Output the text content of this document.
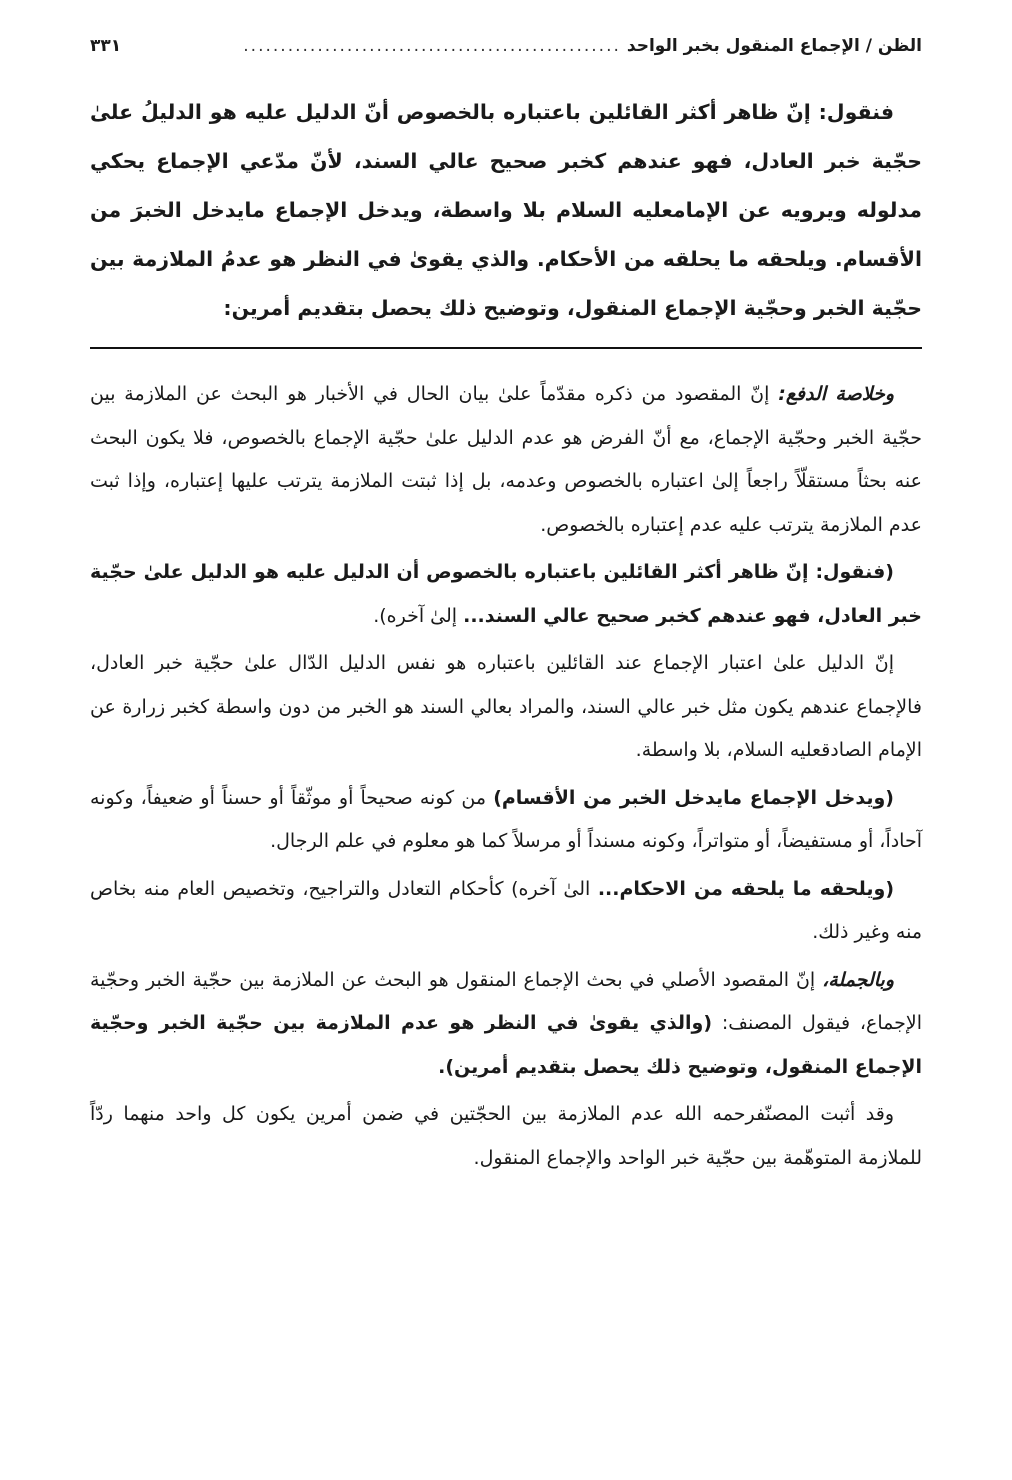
الظن / الإجماع المنقول بخبر الواحد
...................................................
٣٣١

فنقول: إنّ ظاهر أكثر القائلين باعتباره بالخصوص أنّ الدليل عليه هو الدليلُ علىٰ حجّية خبر العادل، فهو عندهم كخبر صحيح عالي السند، لأنّ مدّعي الإجماع يحكي مدلوله ويرويه عن الإمامعليه السلام بلا واسطة، ويدخل الإجماع مايدخل الخبرَ من الأقسام. ويلحقه ما يحلقه من الأحكام. والذي يقوىٰ في النظر هو عدمُ الملازمة بين حجّية الخبر وحجّية الإجماع المنقول، وتوضيح ذلك يحصل بتقديم أمرين:

وخلاصة الدفع: إنّ المقصود من ذكره مقدّماً علىٰ بيان الحال في الأخبار هو البحث عن الملازمة بين حجّية الخبر وحجّية الإجماع، مع أنّ الفرض هو عدم الدليل علىٰ حجّية الإجماع بالخصوص، فلا يكون البحث عنه بحثاً مستقلّاً راجعاً إلىٰ اعتباره بالخصوص وعدمه، بل إذا ثبتت الملازمة يترتب عليها إعتباره، وإذا ثبت عدم الملازمة يترتب عليه عدم إعتباره بالخصوص.

(فنقول: إنّ ظاهر أكثر القائلين باعتباره بالخصوص أن الدليل عليه هو الدليل علىٰ حجّية خبر العادل، فهو عندهم كخبر صحيح عالي السند... إلىٰ آخره).

إنّ الدليل علىٰ اعتبار الإجماع عند القائلين باعتباره هو نفس الدليل الدّال علىٰ حجّية خبر العادل، فالإجماع عندهم يكون مثل خبر عالي السند، والمراد بعالي السند هو الخبر من دون واسطة كخبر زرارة عن الإمام الصادقعليه السلام، بلا واسطة.

(ويدخل الإجماع مايدخل الخبر من الأقسام) من كونه صحيحاً أو موثّقاً أو حسناً أو ضعيفاً، وكونه آحاداً، أو مستفيضاً، أو متواتراً، وكونه مسنداً أو مرسلاً كما هو معلوم في علم الرجال.

(ويلحقه ما يلحقه من الاحكام... الىٰ آخره) كأحكام التعادل والتراجيح، وتخصيص العام منه بخاص منه وغير ذلك.

وبالجملة، إنّ المقصود الأصلي في بحث الإجماع المنقول هو البحث عن الملازمة بين حجّية الخبر وحجّية الإجماع، فيقول المصنف: (والذي يقوىٰ في النظر هو عدم الملازمة بين حجّية الخبر وحجّية الإجماع المنقول، وتوضيح ذلك يحصل بتقديم أمرين).

وقد أثبت المصنّفرحمه الله عدم الملازمة بين الحجّتين في ضمن أمرين يكون كل واحد منهما ردّاً للملازمة المتوهّمة بين حجّية خبر الواحد والإجماع المنقول.
